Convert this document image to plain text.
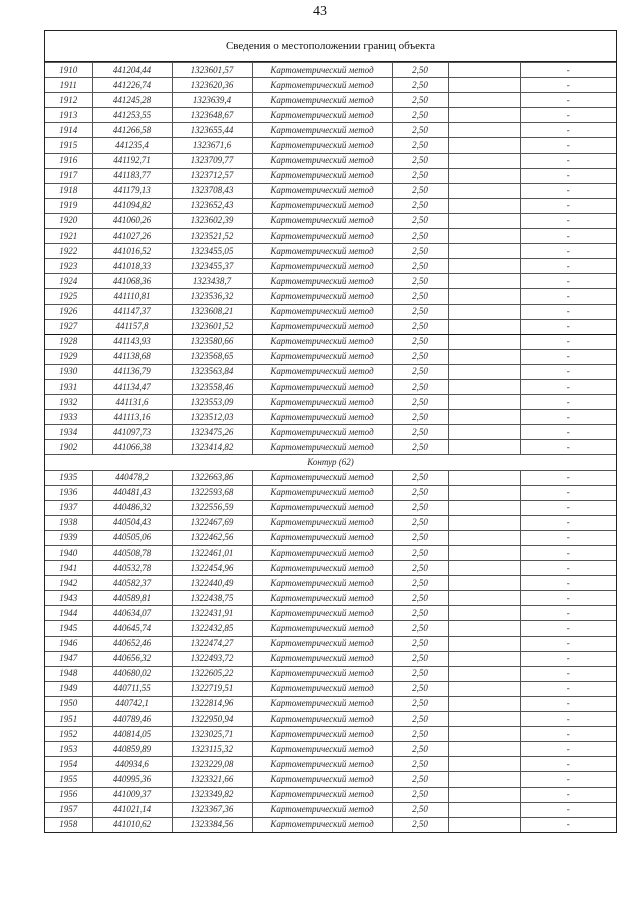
43
Сведения о местоположении границ объекта
1910	441204,44	1323601,57	Картометрический метод	2,50		-
1911	441226,74	1323620,36	Картометрический метод	2,50		-
1912	441245,28	1323639,4	Картометрический метод	2,50		-
1913	441253,55	1323648,67	Картометрический метод	2,50		-
1914	441266,58	1323655,44	Картометрический метод	2,50		-
1915	441235,4	1323671,6	Картометрический метод	2,50		-
1916	441192,71	1323709,77	Картометрический метод	2,50		-
1917	441183,77	1323712,57	Картометрический метод	2,50		-
1918	441179,13	1323708,43	Картометрический метод	2,50		-
1919	441094,82	1323652,43	Картометрический метод	2,50		-
1920	441060,26	1323602,39	Картометрический метод	2,50		-
1921	441027,26	1323521,52	Картометрический метод	2,50		-
1922	441016,52	1323455,05	Картометрический метод	2,50		-
1923	441018,33	1323455,37	Картометрический метод	2,50		-
1924	441068,36	1323438,7	Картометрический метод	2,50		-
1925	441110,81	1323536,32	Картометрический метод	2,50		-
1926	441147,37	1323608,21	Картометрический метод	2,50		-
1927	441157,8	1323601,52	Картометрический метод	2,50		-
1928	441143,93	1323580,66	Картометрический метод	2,50		-
1929	441138,68	1323568,65	Картометрический метод	2,50		-
1930	441136,79	1323563,84	Картометрический метод	2,50		-
1931	441134,47	1323558,46	Картометрический метод	2,50		-
1932	441131,6	1323553,09	Картометрический метод	2,50		-
1933	441113,16	1323512,03	Картометрический метод	2,50		-
1934	441097,73	1323475,26	Картометрический метод	2,50		-
1902	441066,38	1323414,82	Картометрический метод	2,50		-
Контур (62)						
1935	440478,2	1322663,86	Картометрический метод	2,50		-
1936	440481,43	1322593,68	Картометрический метод	2,50		-
1937	440486,32	1322556,59	Картометрический метод	2,50		-
1938	440504,43	1322467,69	Картометрический метод	2,50		-
1939	440505,06	1322462,56	Картометрический метод	2,50		-
1940	440508,78	1322461,01	Картометрический метод	2,50		-
1941	440532,78	1322454,96	Картометрический метод	2,50		-
1942	440582,37	1322440,49	Картометрический метод	2,50		-
1943	440589,81	1322438,75	Картометрический метод	2,50		-
1944	440634,07	1322431,91	Картометрический метод	2,50		-
1945	440645,74	1322432,85	Картометрический метод	2,50		-
1946	440652,46	1322474,27	Картометрический метод	2,50		-
1947	440656,32	1322493,72	Картометрический метод	2,50		-
1948	440680,02	1322605,22	Картометрический метод	2,50		-
1949	440711,55	1322719,51	Картометрический метод	2,50		-
1950	440742,1	1322814,96	Картометрический метод	2,50		-
1951	440789,46	1322950,94	Картометрический метод	2,50		-
1952	440814,05	1323025,71	Картометрический метод	2,50		-
1953	440859,89	1323115,32	Картометрический метод	2,50		-
1954	440934,6	1323229,08	Картометрический метод	2,50		-
1955	440995,36	1323321,66	Картометрический метод	2,50		-
1956	441009,37	1323349,82	Картометрический метод	2,50		-
1957	441021,14	1323367,36	Картометрический метод	2,50		-
1958	441010,62	1323384,56	Картометрический метод	2,50		-
